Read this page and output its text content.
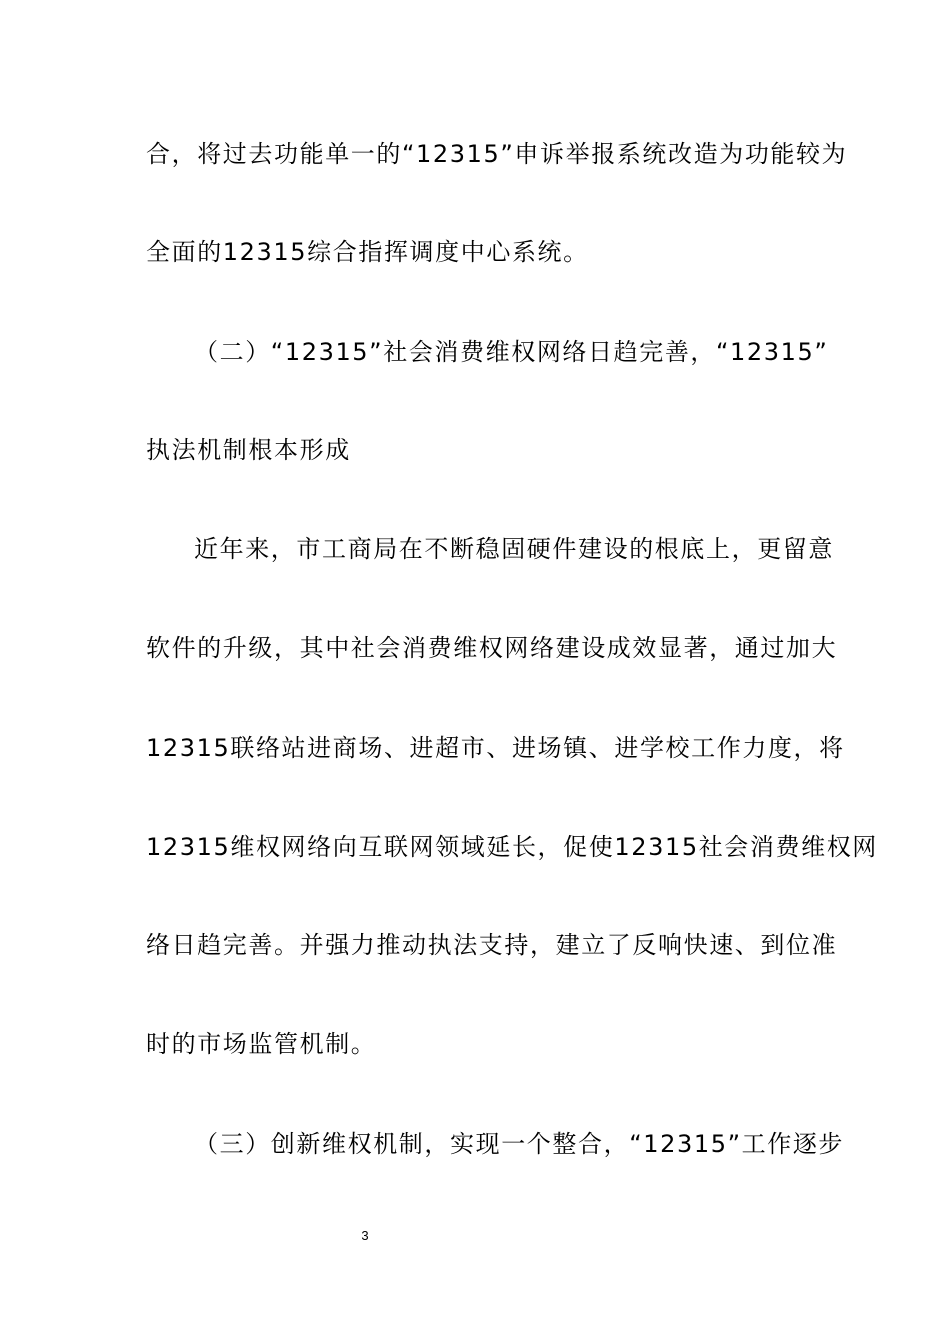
合，将过去功能单一的“12315”申诉举报系统改造为功能较为
全面的12315综合指挥调度中心系统。
（二）“12315”社会消费维权网络日趋完善，“12315”
执法机制根本形成
近年来，市工商局在不断稳固硬件建设的根底上，更留意
软件的升级，其中社会消费维权网络建设成效显著，通过加大
12315联络站进商场、进超市、进场镇、进学校工作力度，将
12315维权网络向互联网领域延长，促使12315社会消费维权网
络日趋完善。并强力推动执法支持，建立了反响快速、到位准
时的市场监管机制。
（三）创新维权机制，实现一个整合，“12315”工作逐步
3
